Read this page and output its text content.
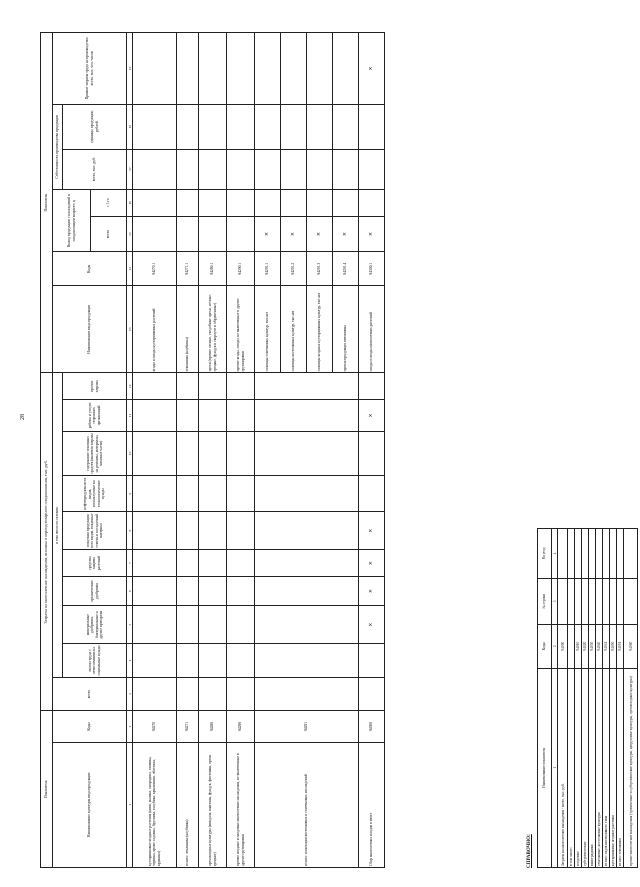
28
Показатель		Затраты на многолетние насаждения, вспашка в период товарного плодоношения, тыс. руб.										Показатель						
Наименование культуры вида продукции	Коды	всего	в том числе по статьям:									Наименование вида продукции	Коды	Выход продукции с насаждений в плодоносящем возрасте, ц		Себестоимость производства продукции		Прямые затраты труда на производство всего, тыс. чел.-часов
			оплата труда с отчислениями на социальные нужды	минеральные удобрения, бактериальные и другие препараты	органические удобрения	средства защиты растений	покупная продукция всех видов, покупные семена и посадочный материал	нефтепродукты всех видов, используемые на технологические нужды	содержание основных средств (включая затраты на ремонты, материалы, запасные части)	работы и услуги сторонних организаций	прочие затраты					всего, тыс. руб.	единицы продукции, рублей	
														всего	с 1 га			
1	2	3	4	5	6	7	8	9	10	11	12	13	14	15	16	17	18	19
кустарниковые ягодные растения (киви, малина, смородина, ежевика, черника, кроме садовых, брусника, голубика, крыжовник, облепиха, крушина)	94270											ягоды и плоды кустарниковых растений	94270.1					
из них: земляника (клубника)	94271											земляника (клубника)	94271.1					
орехоплодные культуры (миндаль, каштаны, фундук, фисташки, орехи грецкие)	94280											орехи (прочие лесные, съедобные орехи, лесные, грецкие, фундук в скорлупе и обрушенные)	94280.1					
прочие ягодные и плодовые многолетние насаждения, не включенные в другие группировки	94290											прочие ягоды, плоды, не включенные в другие группировки	94290.1					
из них: плантации косточковых и семечковых насаждений	94291											саженцы семечковых культур, тыс.шт	94291.1	×				
												саженцы косточковых культур, тыс.шт	94291.2	×				
												саженцы ягодных кустарниковых культур, тыс.шт	94291.3	×				
												прочая продукция питомника	94291.4	×				
Сбор многолетних плодов в итоге	94300			×	×	×	×			×		плоды и ягоды многолетних растений	94300.1	×				×
СПРАВОЧНО:
Наименование показателя	Коды	№ строки	На угод
1	2	3	4
Затраты на многолетние насаждения - всего, тыс. руб.	94000		
в том числе:			
плодовые	94010		
субтропические	94020		
виноградники	94030		
семечковые, косточковые культуры	94040		
из них: садов интенсивного типа	94041		
кустарниковые ягодные растения	94050		
из них: земляника	94051		
прочие многолетние насаждения (тропические и субтропические культуры, цитрусовые культуры, орехоплодные культуры)	94060		
